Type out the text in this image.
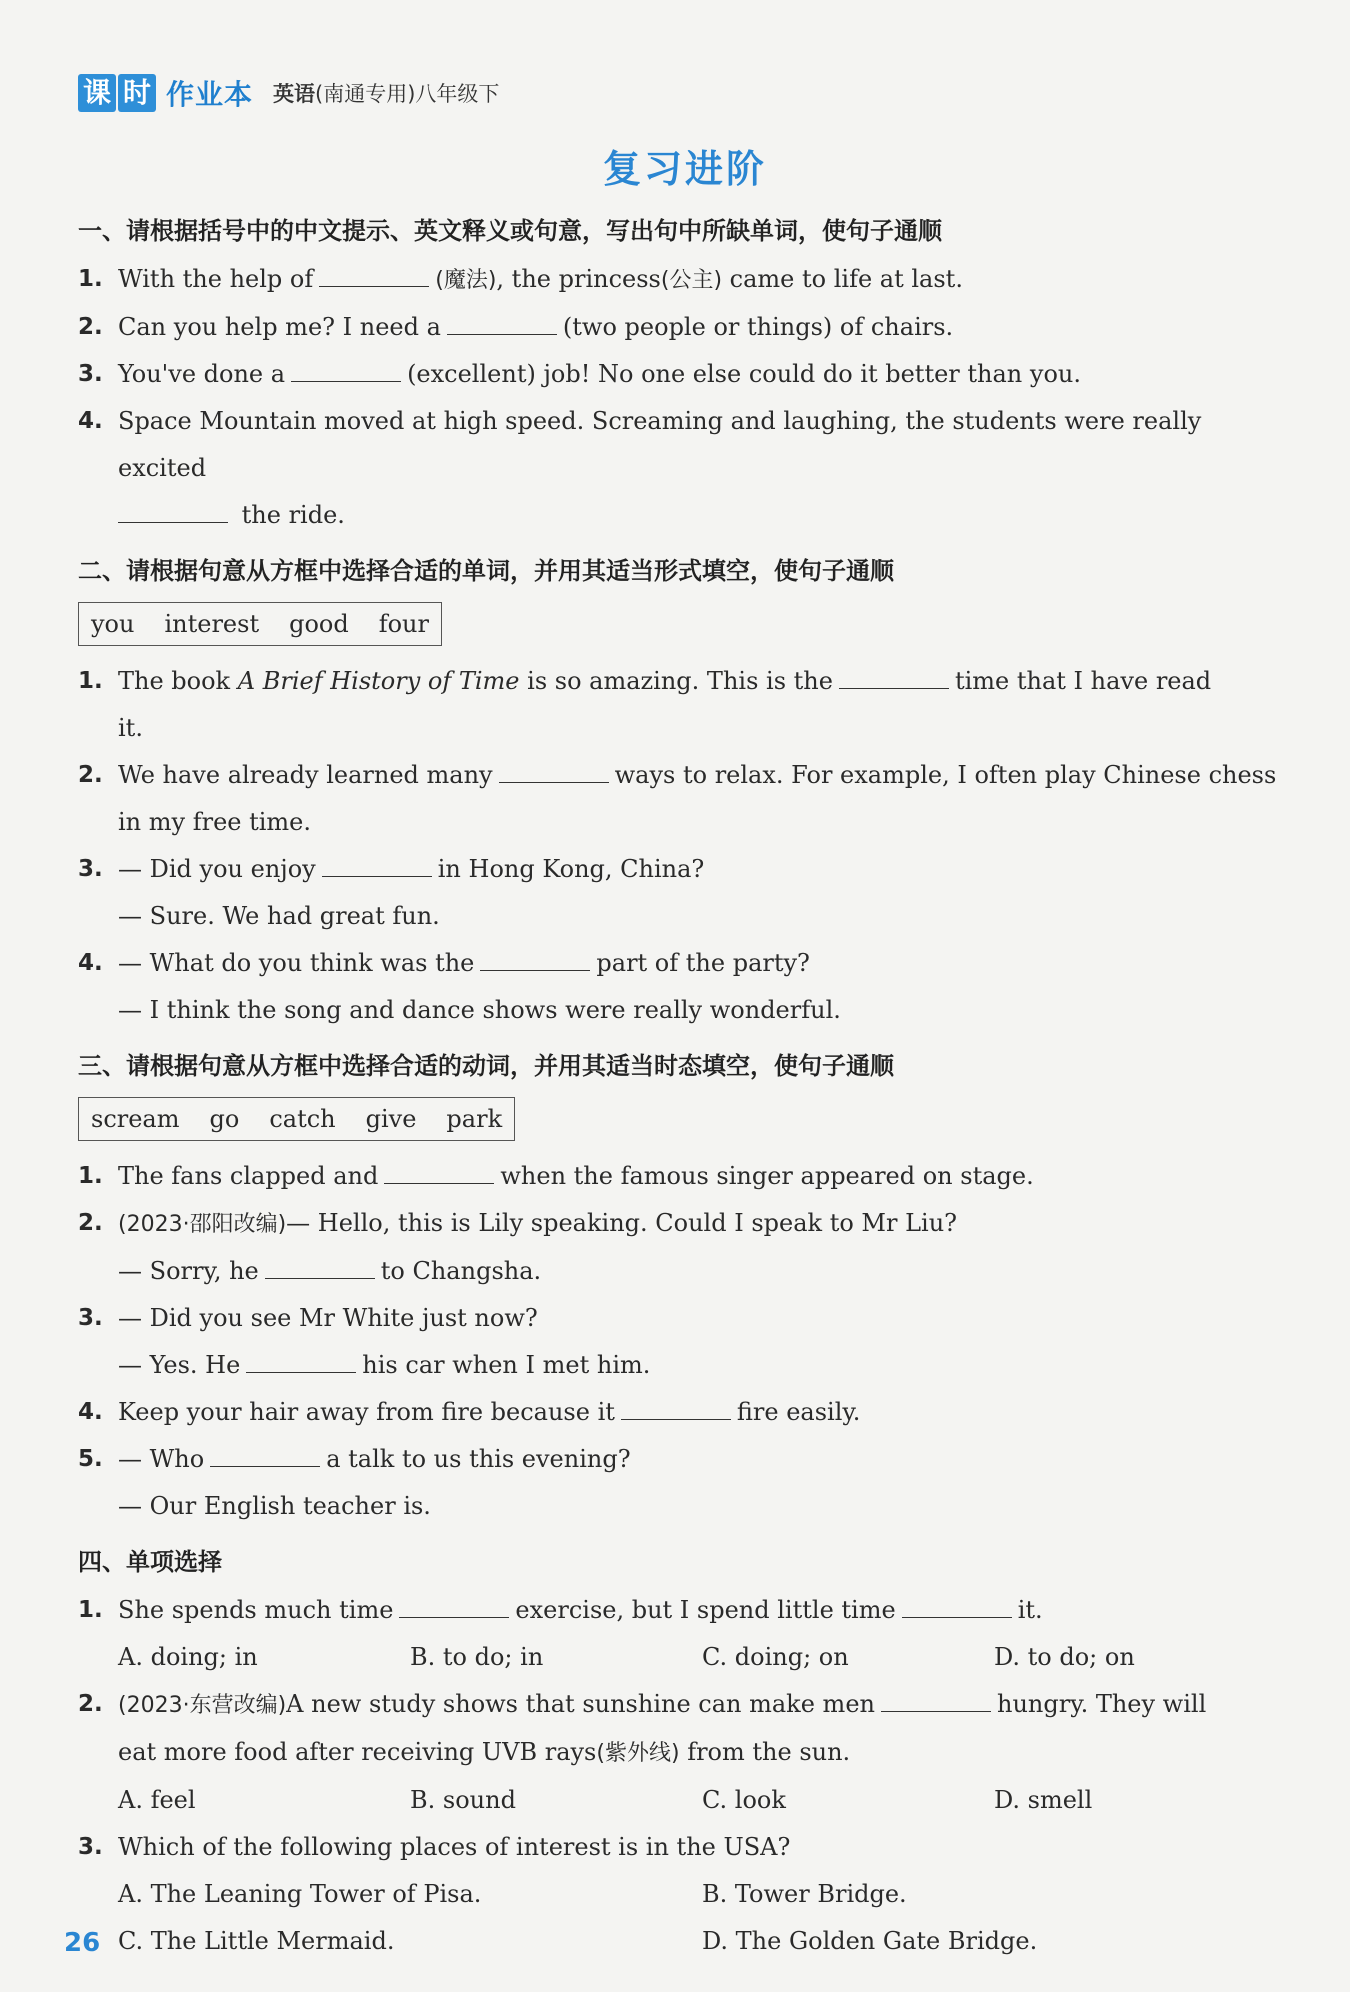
课 时 作业本 英语(南通专用)八年级下
复习进阶
一、请根据括号中的中文提示、英文释义或句意，写出句中所缺单词，使句子通顺
1. With the help of	(魔法), the princess(公主) came to life at last.
2. Can you help me? I need a	(two people or things) of chairs.
3. You've done a	(excellent) job! No one else could do it better than you.
4. Space Mountain moved at high speed. Screaming and laughing, the students were really excited
the ride.
二、请根据句意从方框中选择合适的单词，并用其适当形式填空，使句子通顺
you interest good four
1. The book A Brief History of Time is so amazing. This is the	time that I have read
it.
2. We have already learned many	ways to relax. For example, I often play Chinese chess
in my free time.
3. — Did you enjoy	in Hong Kong, China?
— Sure. We had great fun.
4. — What do you think was the	part of the party?
— I think the song and dance shows were really wonderful.
三、请根据句意从方框中选择合适的动词，并用其适当时态填空，使句子通顺
scream go catch give park
1. The fans clapped and	when the famous singer appeared on stage.
2. (2023·邵阳改编)— Hello, this is Lily speaking. Could I speak to Mr Liu?
— Sorry, he	to Changsha.
3. — Did you see Mr White just now?
— Yes. He	his car when I met him.
4. Keep your hair away from fire because it	fire easily.
5. — Who	a talk to us this evening?
— Our English teacher is.
四、单项选择
1. She spends much time	exercise, but I spend little time	it.
A. doing; in	B. to do; in	C. doing; on	D. to do; on
2. (2023·东营改编)A new study shows that sunshine can make men	hungry. They will
eat more food after receiving UVB rays(紫外线) from the sun.
A. feel	B. sound	C. look	D. smell
3. Which of the following places of interest is in the USA?
A. The Leaning Tower of Pisa.	B. Tower Bridge.
C. The Little Mermaid.	D. The Golden Gate Bridge.
26
